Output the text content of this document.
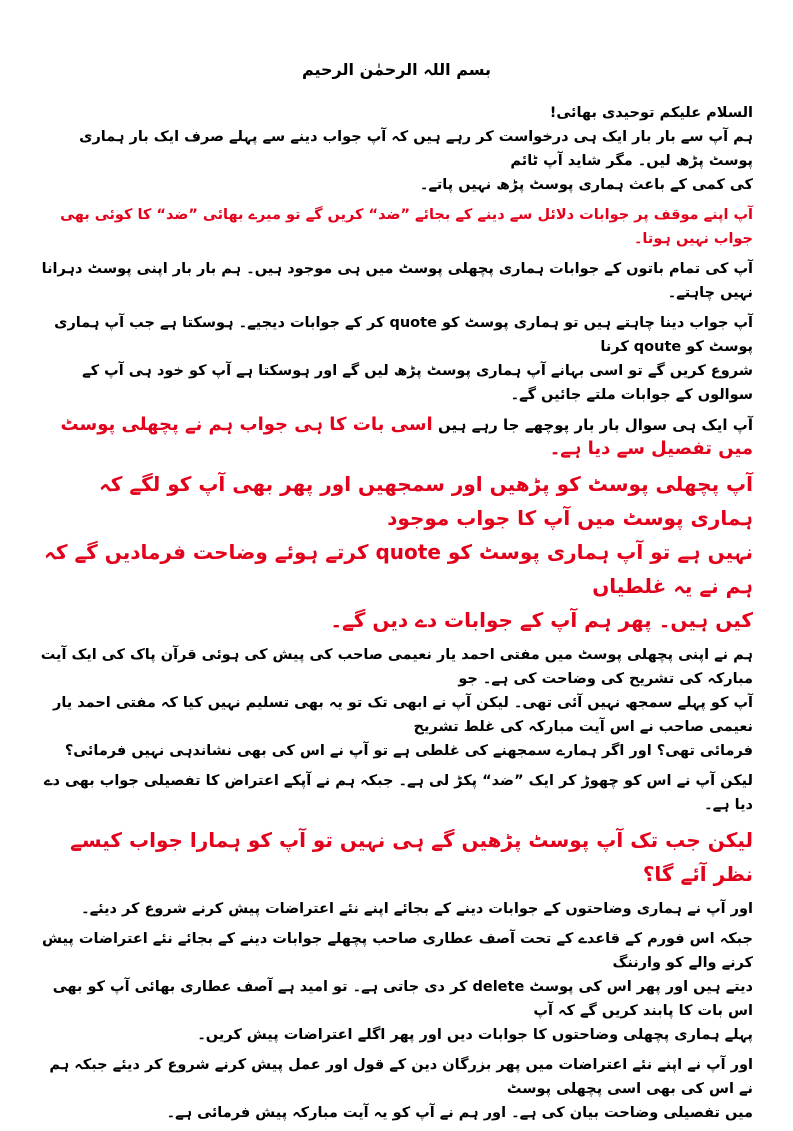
بسم اللہ الرحمٰن الرحیم

السلام علیکم توحیدی بھائی!

ہم آپ سے بار بار ایک ہی درخواست کر رہے ہیں کہ آپ جواب دینے سے پہلے صرف ایک بار ہماری پوسٹ پڑھ لیں۔ مگر شاید آپ ٹائم

کی کمی کے باعث ہماری پوسٹ پڑھ نہیں پاتے۔

آپ اپنے موقف پر جوابات دلائل سے دینے کے بجائے ”ضد“ کریں گے تو میرے بھائی ”ضد“ کا کوئی بھی جواب نہیں ہوتا۔

آپ کی تمام باتوں کے جوابات ہماری پچھلی پوسٹ میں ہی موجود ہیں۔ ہم بار بار اپنی پوسٹ دہرانا نہیں چاہتے۔

آپ جواب دینا چاہتے ہیں تو ہماری پوسٹ کو quote کر کے جوابات دیجیے۔ ہوسکتا ہے جب آپ ہماری پوسٹ کو qoute کرنا

شروع کریں گے تو اسی بہانے آپ ہماری پوسٹ پڑھ لیں گے اور ہوسکتا ہے آپ کو خود ہی آپ کے سوالوں کے جوابات ملتے جائیں گے۔

آپ ایک ہی سوال بار بار پوچھے جا رہے ہیں اسی بات کا ہی جواب ہم نے پچھلی پوسٹ میں تفصیل سے دیا ہے۔

آپ پچھلی پوسٹ کو پڑھیں اور سمجھیں اور پھر بھی آپ کو لگے کہ ہماری پوسٹ میں آپ کا جواب موجود

نہیں ہے تو آپ ہماری پوسٹ کو quote کرتے ہوئے وضاحت فرمادیں گے کہ ہم نے یہ غلطیاں

کیں ہیں۔ پھر ہم آپ کے جوابات دے دیں گے۔

ہم نے اپنی پچھلی پوسٹ میں مفتی احمد یار نعیمی صاحب کی پیش کی ہوئی قرآن پاک کی ایک آیت مبارکہ کی تشریح کی وضاحت کی ہے۔ جو

آپ کو پہلے سمجھ نہیں آئی تھی۔ لیکن آپ نے ابھی تک تو یہ بھی تسلیم نہیں کیا کہ مفتی احمد یار نعیمی صاحب نے اس آیت مبارکہ کی غلط تشریح

فرمائی تھی؟ اور اگر ہمارے سمجھنے کی غلطی ہے تو آپ نے اس کی بھی نشاندہی نہیں فرمائی؟

لیکن آپ نے اس کو چھوڑ کر ایک ”ضد“ پکڑ لی ہے۔ جبکہ ہم نے آپکے اعتراض کا تفصیلی جواب بھی دے دیا ہے۔

لیکن جب تک آپ پوسٹ پڑھیں گے ہی نہیں تو آپ کو ہمارا جواب کیسے نظر آئے گا؟

اور آپ نے ہماری وضاحتوں کے جوابات دینے کے بجائے اپنے نئے اعتراضات پیش کرنے شروع کر دیئے۔

جبکہ اس فورم کے قاعدے کے تحت آصف عطاری صاحب پچھلے جوابات دینے کے بجائے نئے اعتراضات پیش کرنے والے کو وارننگ

دیتے ہیں اور پھر اس کی پوسٹ delete کر دی جاتی ہے۔ تو امید ہے آصف عطاری بھائی آپ کو بھی اس بات کا پابند کریں گے کہ آپ

پہلے ہماری پچھلی وضاحتوں کا جوابات دیں اور پھر اگلے اعتراضات پیش کریں۔

اور آپ نے اپنے نئے اعتراضات میں پھر بزرگان دین کے قول اور عمل پیش کرنے شروع کر دیئے جبکہ ہم نے اس کی بھی اسی پچھلی پوسٹ

میں تفصیلی وضاحت بیان کی ہے۔ اور ہم نے آپ کو یہ آیت مبارکہ پیش فرمائی ہے۔
